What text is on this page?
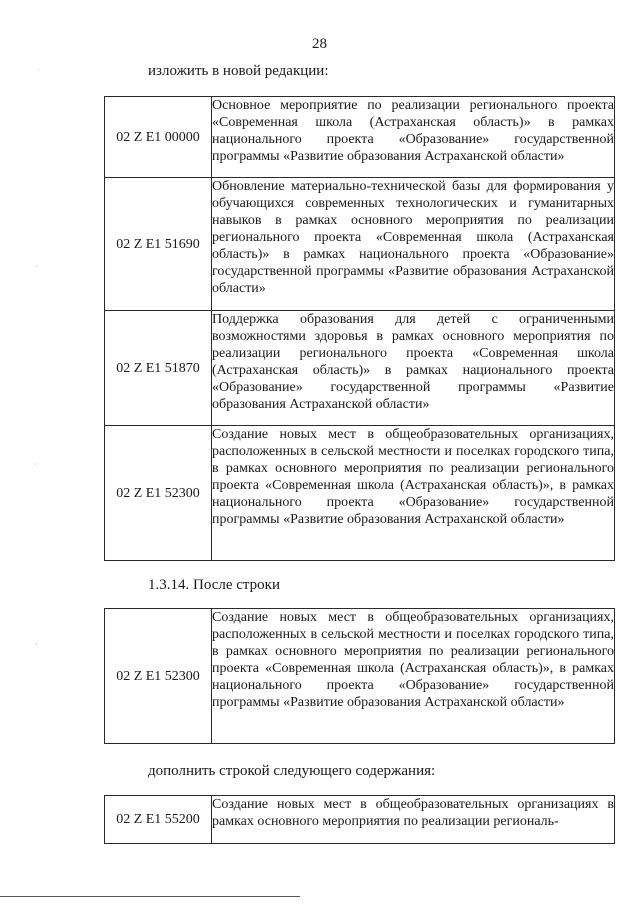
28

изложить в новой редакции:

02 Z E1 00000	Основное мероприятие по реализации регионального проекта «Современная школа (Астраханская область)» в рамках национального проекта «Образование» государственной программы «Развитие образования Астраханской области»
02 Z E1 51690	Обновление материально-технической базы для формирования у обучающихся современных технологических и гуманитарных навыков в рамках основного мероприятия по реализации регионального проекта «Современная школа (Астраханская область)» в рамках национального проекта «Образование» государственной программы «Развитие образования Астраханской области»
02 Z E1 51870	Поддержка образования для детей с ограниченными возможностями здоровья в рамках основного мероприятия по реализации регионального проекта «Современная школа (Астраханская область)» в рамках национального проекта «Образование» государственной программы «Развитие образования Астраханской области»
02 Z E1 52300	Создание новых мест в общеобразовательных организациях, расположенных в сельской местности и поселках городского типа, в рамках основного мероприятия по реализации регионального проекта «Современная школа (Астраханская область)», в рамках национального проекта «Образование» государственной программы «Развитие образования Астраханской области»

1.3.14. После строки

02 Z E1 52300	Создание новых мест в общеобразовательных организациях, расположенных в сельской местности и поселках городского типа, в рамках основного мероприятия по реализации регионального проекта «Современная школа (Астраханская область)», в рамках национального проекта «Образование» государственной программы «Развитие образования Астраханской области»

дополнить строкой следующего содержания:

02 Z E1 55200	Создание новых мест в общеобразовательных организациях в рамках основного мероприятия по реализации региональ-
·
·
·
·
